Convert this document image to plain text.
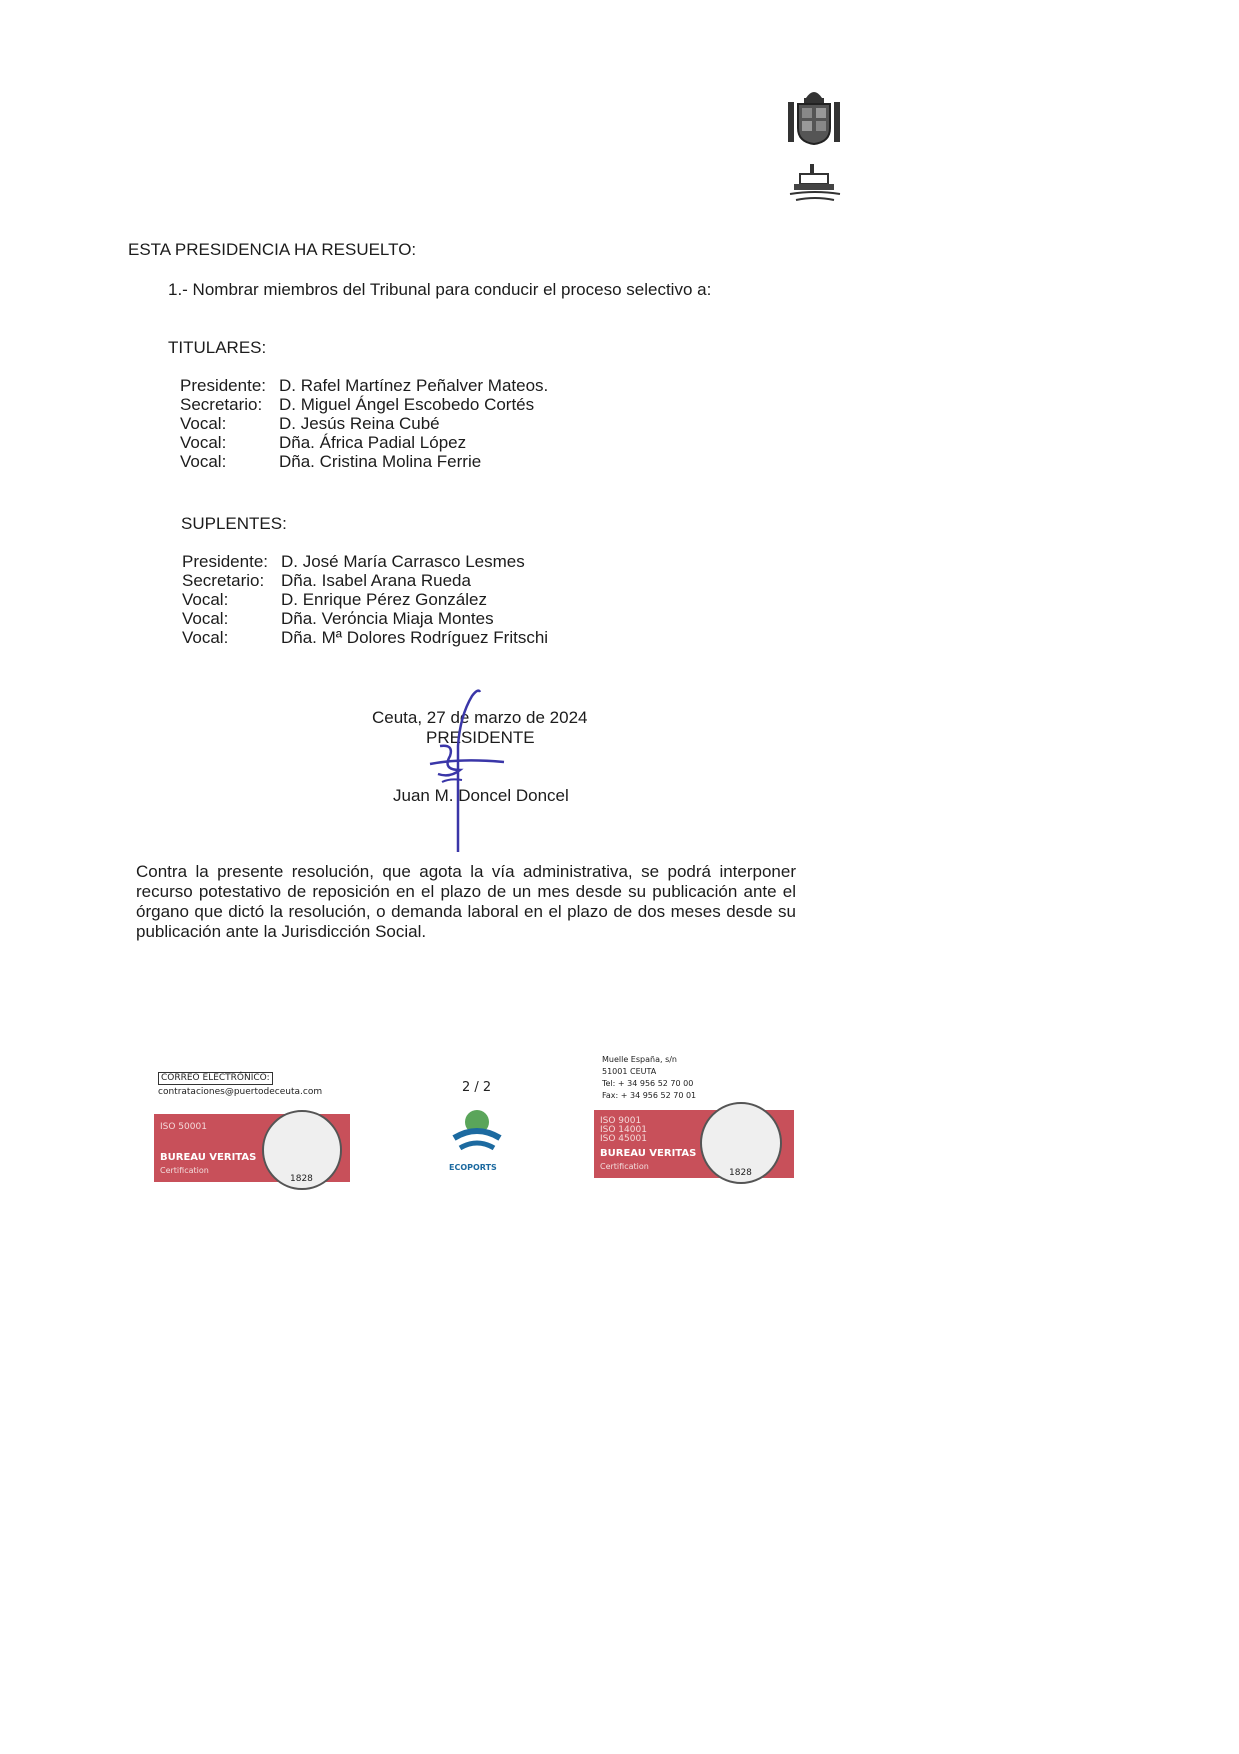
ESTA PRESIDENCIA HA RESUELTO:
1.- Nombrar miembros del Tribunal para conducir el proceso selectivo a:
TITULARES:
Presidente: D. Rafel Martínez Peñalver Mateos.
Secretario: D. Miguel Ángel Escobedo Cortés
Vocal:	D. Jesús Reina Cubé
Vocal:	Dña. África Padial López
Vocal:	Dña. Cristina Molina Ferrie
SUPLENTES:
Presidente: D. José María Carrasco Lesmes
Secretario: Dña. Isabel Arana Rueda
Vocal:	D. Enrique Pérez González
Vocal:	Dña. Verόncia Miaja Montes
Vocal:	Dña. Mª Dolores Rodríguez Fritschi
Ceuta, 27 de marzo de 2024
PRESIDENTE
Juan M. Doncel Doncel
Contra la presente resolución, que agota la vía administrativa, se podrá interponer recurso potestativo de reposición en el plazo de un mes desde su publicación ante el órgano que dictó la resolución, o demanda laboral en el plazo de dos meses desde su publicación ante la Jurisdicción Social.
CORREO ELECTRÓNICO:
contrataciones@puertodeceuta.com
ISO 50001
BUREAU VERITAS
Certification
1828
2 / 2
ECOPORTS
Muelle España, s/n
51001 CEUTA
Tel: + 34 956 52 70 00
Fax: + 34 956 52 70 01
ISO 9001
ISO 14001
ISO 45001
BUREAU VERITAS
Certification
1828
